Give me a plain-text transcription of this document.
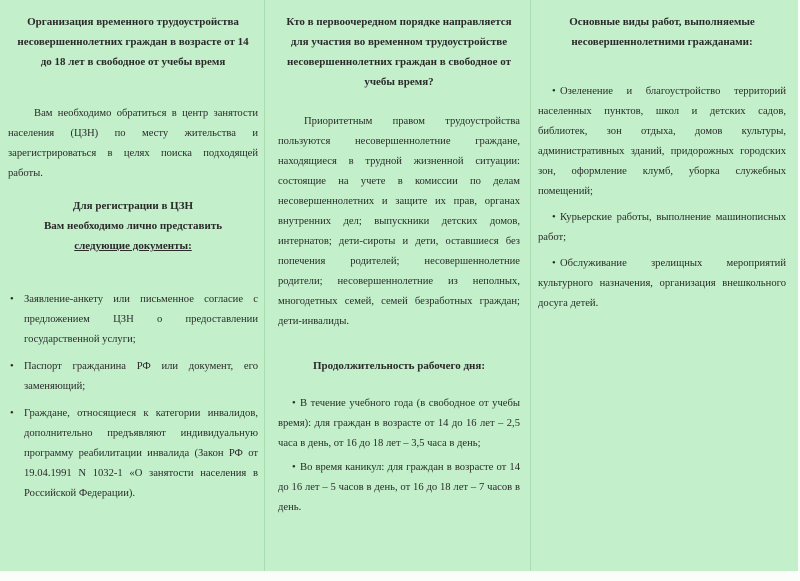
Организация временного трудоустройства несовершеннолетних граждан в возрасте от 14 до 18 лет в свободное от учебы время

Вам необходимо обратиться в центр занятости населения (ЦЗН) по месту жительства и зарегистрироваться в целях поиска подходящей работы.

Для регистрации в ЦЗН

Вам необходимо лично представить

следующие документы:

• Заявление-анкету или письменное согласие с предложением ЦЗН о предоставлении государственной услуги;
• Паспорт гражданина РФ или документ, его заменяющий;
• Граждане, относящиеся к категории инвалидов, дополнительно предъявляют индивидуальную программу реабилитации инвалида (Закон РФ от 19.04.1991 N 1032-1 «О занятости населения в Российской Федерации).
Кто в первоочередном порядке направляется для участия во временном трудоустройстве несовершеннолетних граждан в свободное от учебы время?

Приоритетным правом трудоустройства пользуются несовершеннолетние граждане, находящиеся в трудной жизненной ситуации: состоящие на учете в комиссии по делам несовершеннолетних и защите их прав, органах внутренних дел; выпускники детских домов, интернатов; дети-сироты и дети, оставшиеся без попечения родителей; несовершеннолетние родители; несовершеннолетние из неполных, многодетных семей, семей безработных граждан; дети-инвалиды.

Продолжительность рабочего дня:

• В течение учебного года (в свободное от учебы время): для граждан в возрасте от 14 до 16 лет – 2,5 часа в день, от 16 до 18 лет – 3,5 часа в день;
• Во время каникул: для граждан в возрасте от 14 до 16 лет – 5 часов в день, от 16 до 18 лет – 7 часов в день.
Основные виды работ, выполняемые несовершеннолетними гражданами:
• Озеленение и благоустройство территорий населенных пунктов, школ и детских садов, библиотек, зон отдыха, домов культуры, административных зданий, придорожных городских зон, оформление клумб, уборка служебных помещений;
• Курьерские работы, выполнение машинописных работ;
• Обслуживание зрелищных мероприятий культурного назначения, организация внешкольного досуга детей.
